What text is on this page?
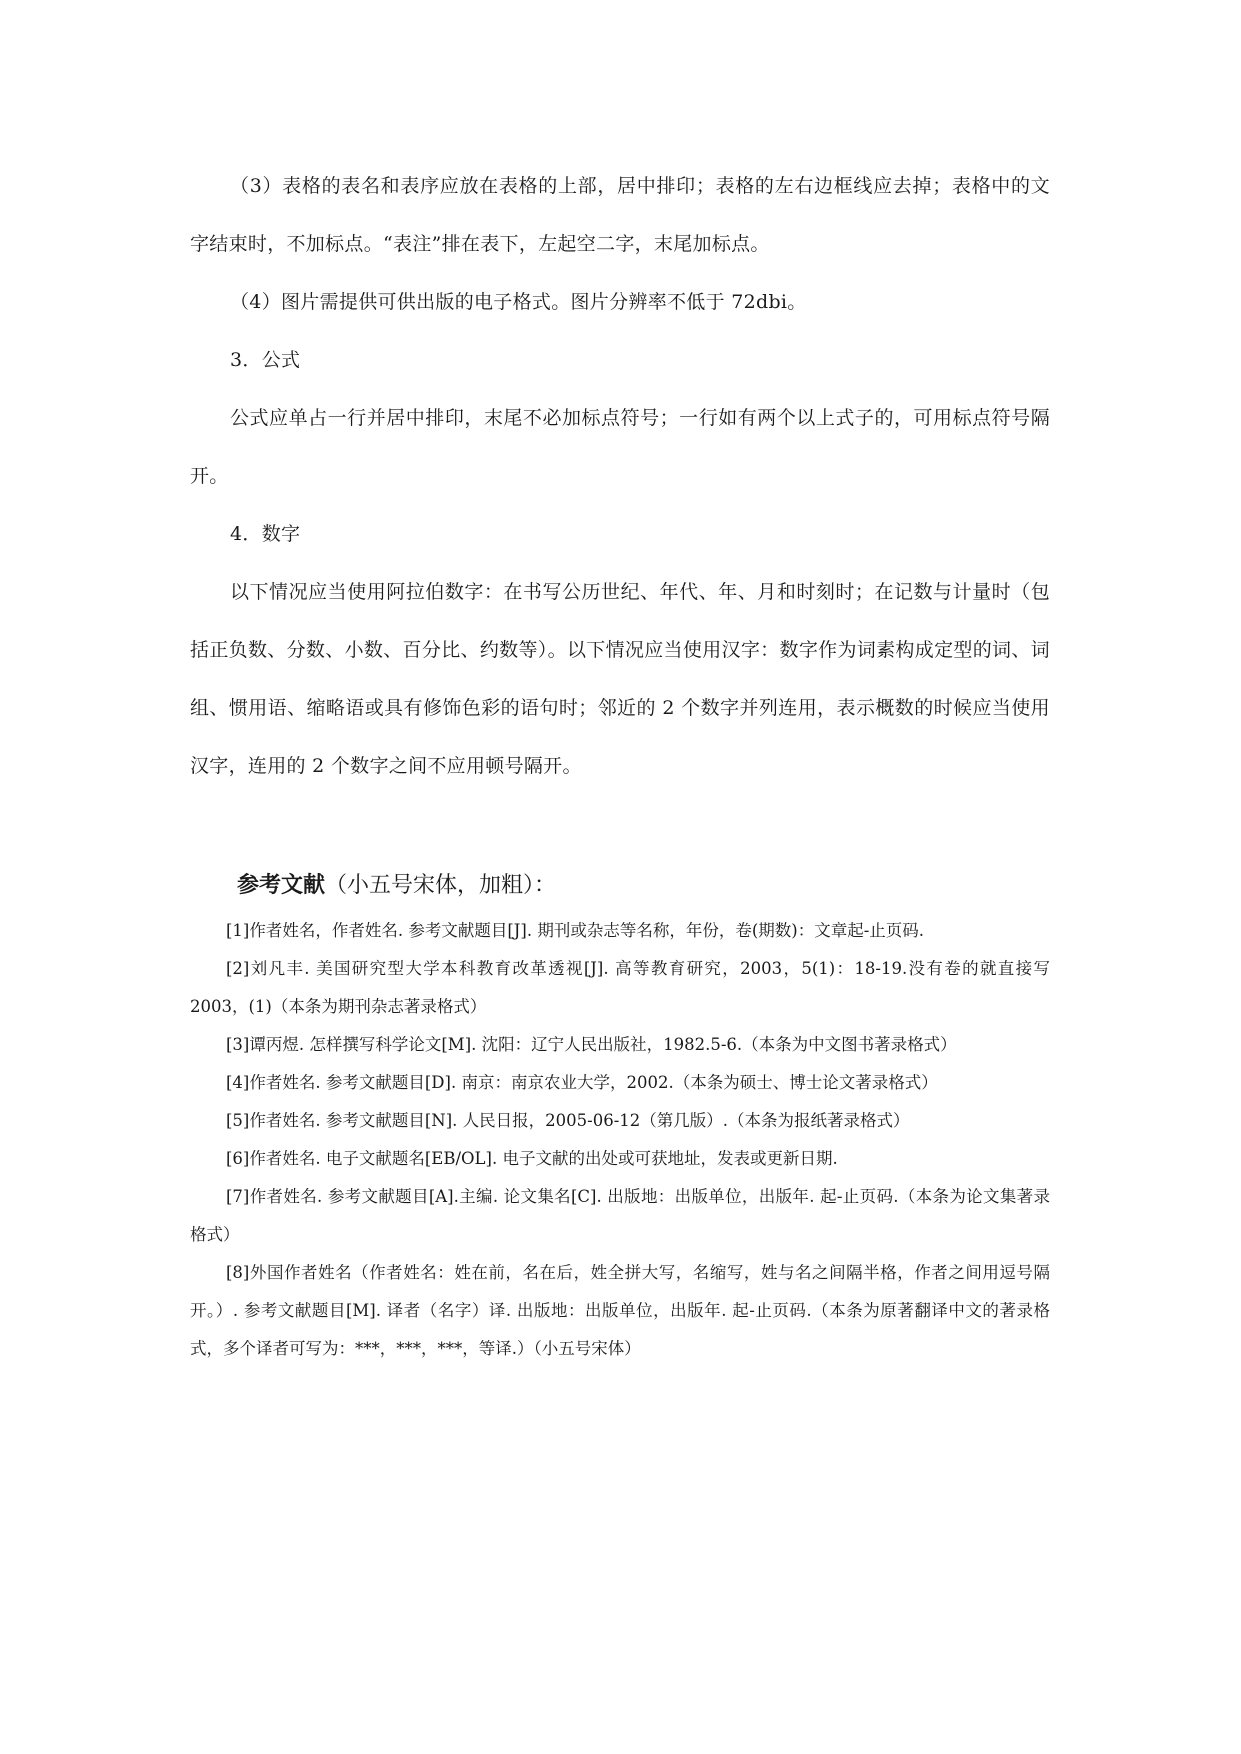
（3）表格的表名和表序应放在表格的上部，居中排印；表格的左右边框线应去掉；表格中的文字结束时，不加标点。“表注”排在表下，左起空二字，末尾加标点。

（4）图片需提供可供出版的电子格式。图片分辨率不低于 72dbi。

3．公式

公式应单占一行并居中排印，末尾不必加标点符号；一行如有两个以上式子的，可用标点符号隔开。

4．数字

以下情况应当使用阿拉伯数字：在书写公历世纪、年代、年、月和时刻时；在记数与计量时（包括正负数、分数、小数、百分比、约数等）。以下情况应当使用汉字：数字作为词素构成定型的词、词组、惯用语、缩略语或具有修饰色彩的语句时；邻近的 2 个数字并列连用，表示概数的时候应当使用汉字，连用的 2 个数字之间不应用顿号隔开。

参考文献（小五号宋体，加粗）：

[1]作者姓名，作者姓名. 参考文献题目[J]. 期刊或杂志等名称，年份，卷(期数)：文章起-止页码.

[2]刘凡丰. 美国研究型大学本科教育改革透视[J]. 高等教育研究，2003，5(1)：18-19.没有卷的就直接写 2003，(1)（本条为期刊杂志著录格式）

[3]谭丙煜. 怎样撰写科学论文[M]. 沈阳：辽宁人民出版社，1982.5-6.（本条为中文图书著录格式）

[4]作者姓名. 参考文献题目[D]. 南京：南京农业大学，2002.（本条为硕士、博士论文著录格式）

[5]作者姓名. 参考文献题目[N]. 人民日报，2005-06-12（第几版）.（本条为报纸著录格式）

[6]作者姓名. 电子文献题名[EB/OL]. 电子文献的出处或可获地址，发表或更新日期.

[7]作者姓名. 参考文献题目[A].主编. 论文集名[C]. 出版地：出版单位，出版年. 起-止页码.（本条为论文集著录格式）

[8]外国作者姓名（作者姓名：姓在前，名在后，姓全拼大写，名缩写，姓与名之间隔半格，作者之间用逗号隔开。）. 参考文献题目[M]. 译者（名字）译. 出版地：出版单位，出版年. 起-止页码.（本条为原著翻译中文的著录格式，多个译者可写为：***，***，***，等译.）（小五号宋体）
